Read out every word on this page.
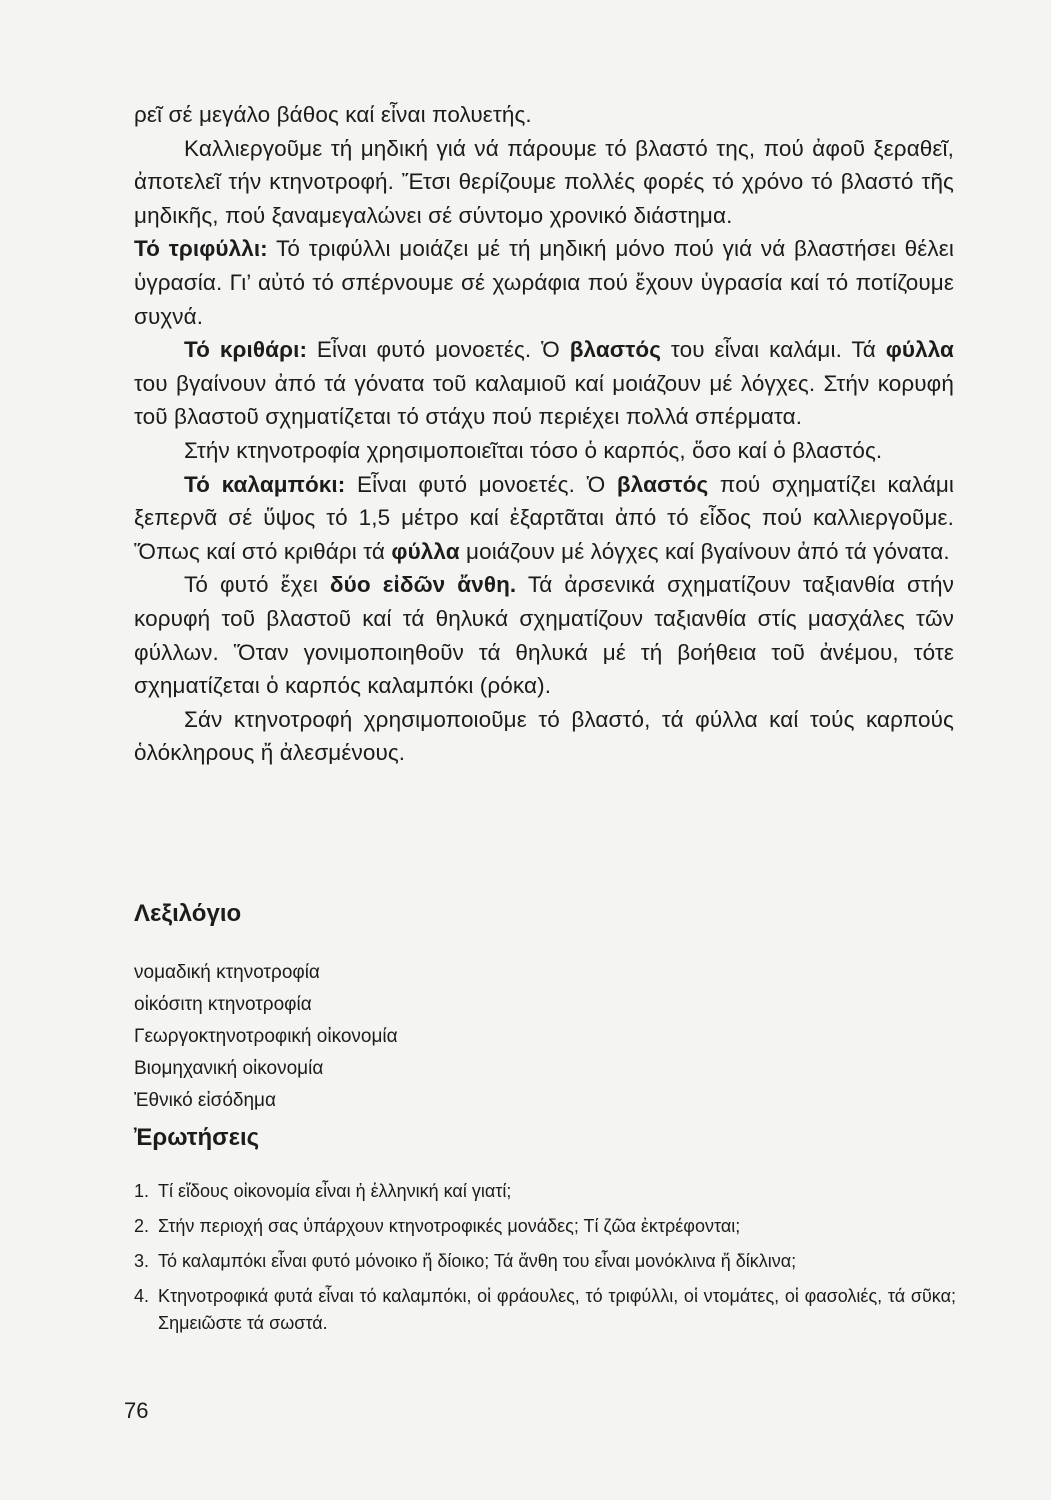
ρεῖ σέ μεγάλο βάθος καί εἶναι πολυετής.

Καλλιεργοῦμε τή μηδική γιά νά πάρουμε τό βλαστό της, πού ἀφοῦ ξεραθεῖ, ἀποτελεῖ τήν κτηνοτροφή. Ἔτσι θερίζουμε πολλές φορές τό χρόνο τό βλαστό τῆς μηδικῆς, πού ξαναμεγαλώνει σέ σύντομο χρονικό διάστημα.

Τό τριφύλλι: Τό τριφύλλι μοιάζει μέ τή μηδική μόνο πού γιά νά βλαστήσει θέλει ὑγρασία. Γι’ αὐτό τό σπέρνουμε σέ χωράφια πού ἔχουν ὑγρασία καί τό ποτίζουμε συχνά.

Τό κριθάρι: Εἶναι φυτό μονοετές. Ὁ βλαστός του εἶναι καλάμι. Τά φύλλα του βγαίνουν ἀπό τά γόνατα τοῦ καλαμιοῦ καί μοιάζουν μέ λόγχες. Στήν κορυφή τοῦ βλαστοῦ σχηματίζεται τό στάχυ πού περιέχει πολλά σπέρματα.

Στήν κτηνοτροφία χρησιμοποιεῖται τόσο ὁ καρπός, ὅσο καί ὁ βλαστός.

Τό καλαμπόκι: Εἶναι φυτό μονοετές. Ὁ βλαστός πού σχηματίζει καλάμι ξεπερνᾶ σέ ὕψος τό 1,5 μέτρο καί ἐξαρτᾶται ἀπό τό εἶδος πού καλλιεργοῦμε. Ὅπως καί στό κριθάρι τά φύλλα μοιάζουν μέ λόγχες καί βγαίνουν ἀπό τά γόνατα.

Τό φυτό ἔχει δύο εἰδῶν ἄνθη. Τά ἀρσενικά σχηματίζουν ταξιανθία στήν κορυφή τοῦ βλαστοῦ καί τά θηλυκά σχηματίζουν ταξιανθία στίς μασχάλες τῶν φύλλων. Ὅταν γονιμοποιηθοῦν τά θηλυκά μέ τή βοήθεια τοῦ ἀνέμου, τότε σχηματίζεται ὁ καρπός καλαμπόκι (ρόκα).

Σάν κτηνοτροφή χρησιμοποιοῦμε τό βλαστό, τά φύλλα καί τούς καρπούς ὁλόκληρους ἤ ἀλεσμένους.

Λεξιλόγιο
νομαδική κτηνοτροφία
οἰκόσιτη κτηνοτροφία
Γεωργοκτηνοτροφική οἰκονομία
Βιομηχανική οἰκονομία
Ἐθνικό εἰσόδημα
Ἐρωτήσεις
1. Τί εἴδους οἰκονομία εἶναι ἡ ἑλληνική καί γιατί;
2. Στήν περιοχή σας ὑπάρχουν κτηνοτροφικές μονάδες; Τί ζῶα ἐκτρέφονται;
3. Τό καλαμπόκι εἶναι φυτό μόνοικο ἤ δίοικο; Τά ἄνθη του εἶναι μονόκλινα ἤ δίκλινα;
4. Κτηνοτροφικά φυτά εἶναι τό καλαμπόκι, οἱ φράουλες, τό τριφύλλι, οἱ ντομάτες, οἱ φασολιές, τά σῦκα; Σημειῶστε τά σωστά.
76
